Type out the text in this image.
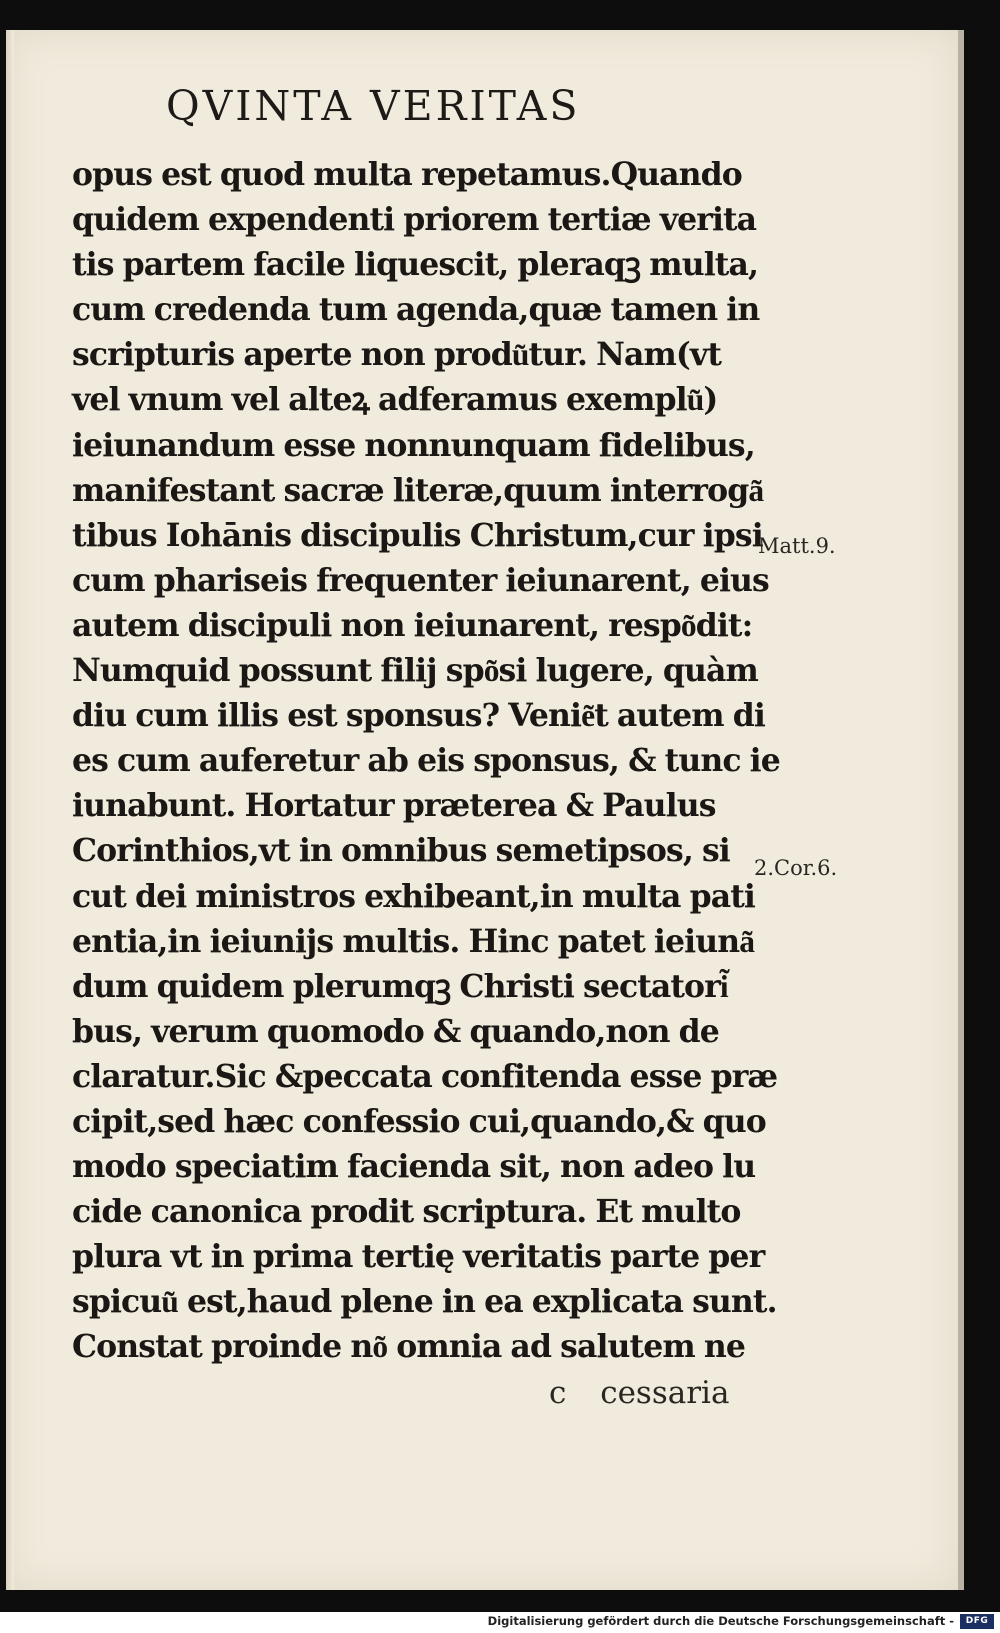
QVINTA VERITAS
opus est quod multa repetamus.Quando
quidem expendenti priorem tertiæ verita
tis partem facile liquescit, pleraqꝫ multa,
cum credenda tum agenda,quæ tamen in
scripturis aperte non produ͂tur. Nam(vt
vel vnum vel alteꝝ adferamus exemplu͂)
ieiunandum esse nonnunquam fidelibus,
manifestant sacræ literæ,quum interroga͂
tibus Iohānis discipulis Christum,cur ipsi
cum phariseis frequenter ieiunarent, eius
autem discipuli non ieiunarent, respo͂dit:
Numquid possunt filij spo͂si lugere, quàm
diu cum illis est sponsus? Venie͂t autem di
es cum auferetur ab eis sponsus, & tunc ie
iunabunt. Hortatur præterea & Paulus
Corinthios,vt in omnibus semetipsos, si
cut dei ministros exhibeant,in multa pati
entia,in ieiunijs multis. Hinc patet ieiuna͂
dum quidem plerumqꝫ Christi sectatori͂
bus, verum quomodo & quando,non de
claratur.Sic &peccata confitenda esse præ
cipit,sed hæc confessio cui,quando,& quo
modo speciatim facienda sit, non adeo lu
cide canonica prodit scriptura. Et multo
plura vt in prima tertię veritatis parte per
spicuu͂ est,haud plene in ea explicata sunt.
Constat proinde no͂ omnia ad salutem ne
Matt.9.
2.Cor.6.
c cessaria
Digitalisierung gefördert durch die Deutsche Forschungsgemeinschaft -	DFG
